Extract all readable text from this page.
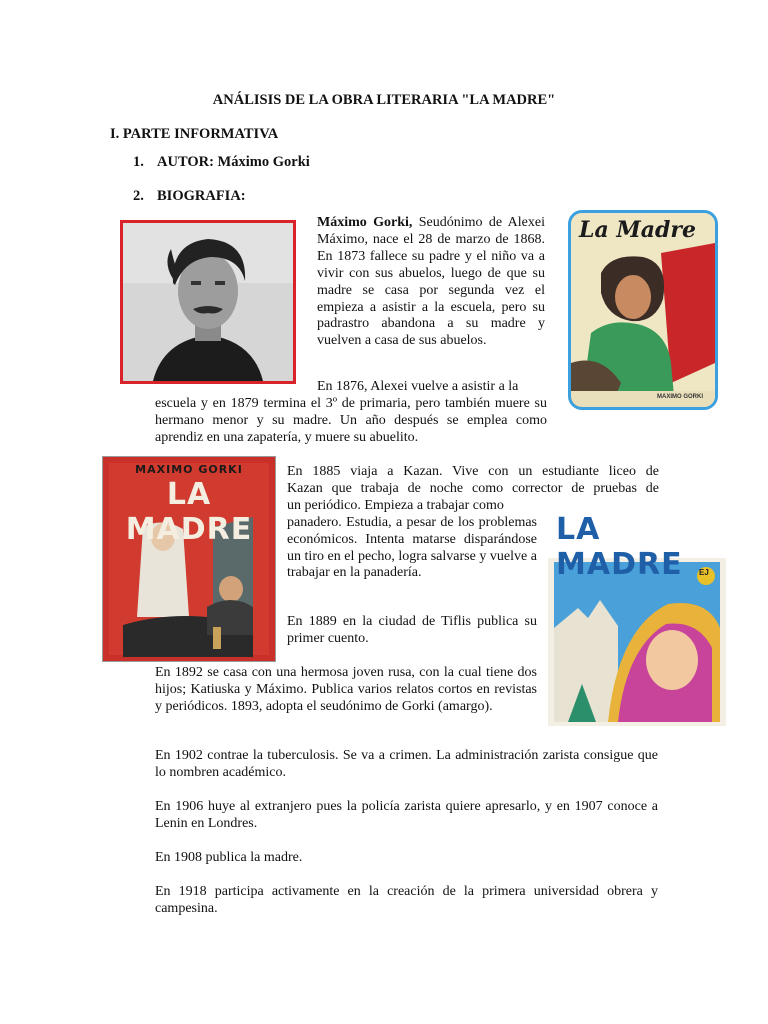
ANÁLISIS DE LA OBRA LITERARIA "LA MADRE"
I. PARTE INFORMATIVA
1. AUTOR: Máximo Gorki
2. BIOGRAFIA:
La Madre
MAXIMO GORKI
MAXIMO GORKI
LA MADRE	LA MADRE	EJ

Máximo Gorki, Seudónimo de Alexei Máximo, nace el 28 de marzo de 1868. En 1873 fallece su padre y el niño va a vivir con sus abuelos, luego de que su madre se casa por segunda vez el empieza a asistir a la escuela, pero su padrastro abandona a su madre y vuelven a casa de sus abuelos.

En 1876, Alexei vuelve a asistir a la

escuela y en 1879 termina el 3º de primaria, pero también muere su hermano menor y su madre. Un año después se emplea como aprendiz en una zapatería, y muere su abuelito.

En 1885 viaja a Kazan. Vive con un estudiante liceo de

Kazan que trabaja de noche como corrector de pruebas de

un periódico. Empieza a trabajar como

panadero. Estudia, a pesar de los problemas económicos. Intenta matarse disparándose un tiro en el pecho, logra salvarse y vuelve a trabajar en la panadería.

En 1889 en la ciudad de Tiflis publica su primer cuento.

En 1892 se casa con una hermosa joven rusa, con la cual tiene dos hijos; Katiuska y Máximo. Publica varios relatos cortos en revistas y periódicos. 1893, adopta el seudónimo de Gorki (amargo).

En 1902 contrae la tuberculosis. Se va a crimen. La administración zarista consigue que lo nombren académico.

En 1906 huye al extranjero pues la policía zarista quiere apresarlo, y en 1907 conoce a Lenin en Londres.

En 1908 publica la madre.

En 1918 participa activamente en la creación de la primera universidad obrera y campesina.
